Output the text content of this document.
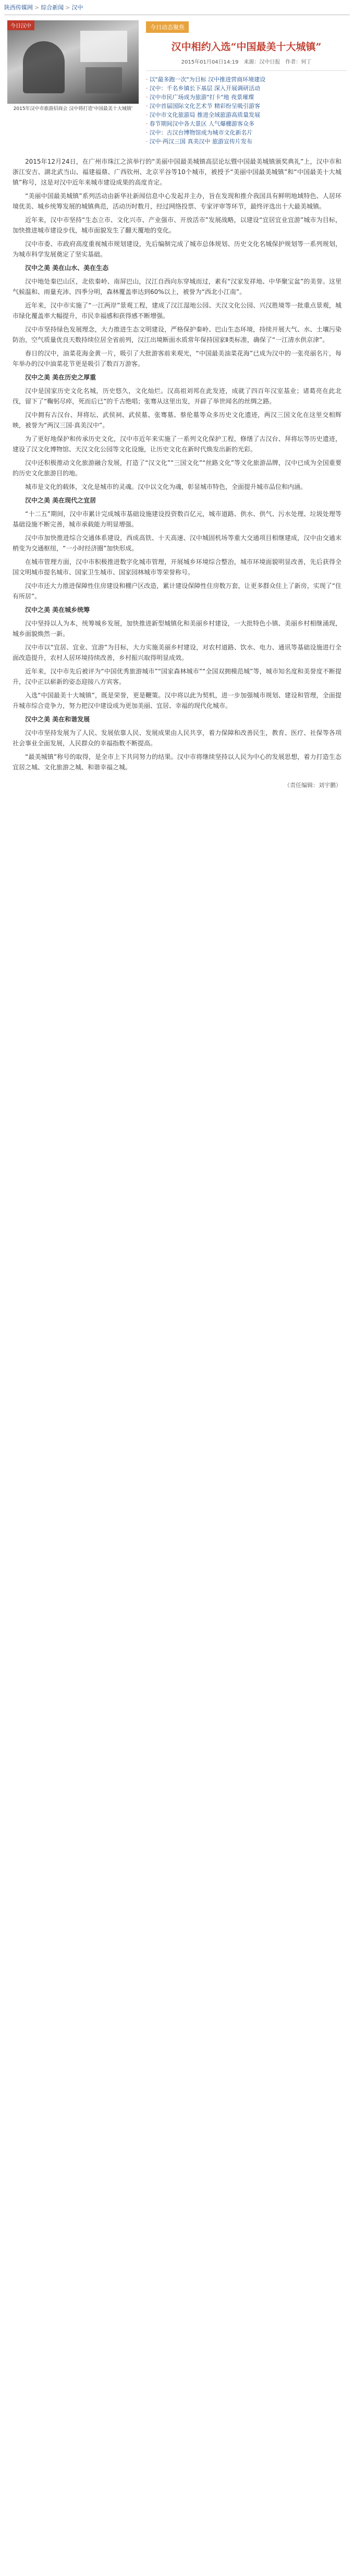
陕西传媒网 > 综合新闻 > 汉中
今日汉中
2015年汉中市旅游招商会 汉中将打造'中国最美十大城镇'
今日动态聚焦
汉中相约入选“中国最美十大城镇”
2015年01月04日14:19　来源：汉中日报　作者：何丁
· 以"最多跑一次"为目标 汉中推进营商环境建设
· 汉中：千名乡镇长下基层 深入开展调研活动
· 汉中市民广场成为旅游"打卡"地 夜景璀璨
· 汉中首届国际文化艺术节 精彩纷呈吸引游客
· 汉中市文化旅游局 推进全域旅游高质量发展
· 春节期间汉中各大景区 人气爆棚游客众多
· 汉中：古汉台博物馆成为城市文化新名片
· 汉中·两汉三国 真美汉中 旅游宣传片发布

2015年12月24日，在广州市珠江之滨举行的“美丽中国最美城镇高层论坛暨中国最美城镇颁奖典礼”上，汉中市和浙江安吉、湖北武当山、福建福鼎、广西钦州、北京平谷等10个城市，被授予“美丽中国最美城镇”和“中国最美十大城镇”称号，这是对汉中近年来城市建设成果的高度肯定。

“美丽中国最美城镇”系列活动由新华社新闻信息中心发起并主办，旨在发现和推介我国具有鲜明地域特色、人居环境优美、城乡统筹发展的城镇典范，活动历时数月，经过网络投票、专家评审等环节，最终评选出十大最美城镇。

近年来，汉中市坚持“生态立市、文化兴市、产业强市、开放活市”发展战略，以建设“宜居宜业宜游”城市为目标，加快推进城市建设步伐，城市面貌发生了翻天覆地的变化。

汉中市委、市政府高度重视城市规划建设，先后编制完成了城市总体规划、历史文化名城保护规划等一系列规划，为城市科学发展奠定了坚实基础。

汉中之美 美在山水、美在生态

汉中地处秦巴山区，北依秦岭、南屏巴山，汉江自西向东穿城而过，素有“汉家发祥地、中华聚宝盆”的美誉。这里气候温和、雨量充沛、四季分明，森林覆盖率达到60%以上，被誉为“西北小江南”。

近年来，汉中市实施了“一江两岸”景观工程，建成了汉江湿地公园、天汉文化公园、兴汉胜境等一批重点景观，城市绿化覆盖率大幅提升，市民幸福感和获得感不断增强。

汉中市坚持绿色发展理念，大力推进生态文明建设，严格保护秦岭、巴山生态环境，持续开展大气、水、土壤污染防治，空气质量优良天数持续位居全省前列，汉江出境断面水质常年保持国家Ⅱ类标准，确保了“一江清水供京津”。

春日的汉中，油菜花海金黄一片，吸引了大批游客前来观光，“中国最美油菜花海”已成为汉中的一张亮丽名片，每年举办的汉中油菜花节更是吸引了数百万游客。

汉中之美 美在历史之厚重

汉中是国家历史文化名城，历史悠久，文化灿烂。汉高祖刘邦在此发迹，成就了四百年汉室基业；诸葛亮在此北伐，留下了“鞠躬尽瘁，死而后已”的千古绝唱；张骞从这里出发，开辟了举世闻名的丝绸之路。

汉中拥有古汉台、拜将坛、武侯祠、武侯墓、张骞墓、蔡伦墓等众多历史文化遗迹，两汉三国文化在这里交相辉映，被誉为“两汉三国·真美汉中”。

为了更好地保护和传承历史文化，汉中市近年来实施了一系列文化保护工程，修缮了古汉台、拜将坛等历史遗迹，建设了汉文化博物馆、天汉文化公园等文化设施，让历史文化在新时代焕发出新的光彩。

汉中还积极推动文化旅游融合发展，打造了“汉文化”“三国文化”“丝路文化”等文化旅游品牌，汉中已成为全国重要的历史文化旅游目的地。

城市是文化的载体，文化是城市的灵魂。汉中以文化为魂，彰显城市特色，全面提升城市品位和内涵。

汉中之美 美在现代之宜居

“十二五”期间，汉中市累计完成城市基础设施建设投资数百亿元，城市道路、供水、供气、污水处理、垃圾处理等基础设施不断完善，城市承载能力明显增强。

汉中市加快推进综合交通体系建设，西成高铁、十天高速、汉中城固机场等重大交通项目相继建成，汉中由交通末梢变为交通枢纽，“一小时经济圈”加快形成。

在城市管理方面，汉中市积极推进数字化城市管理，开展城乡环境综合整治，城市环境面貌明显改善，先后获得全国文明城市提名城市、国家卫生城市、国家园林城市等荣誉称号。

汉中市还大力推进保障性住房建设和棚户区改造，累计建设保障性住房数万套，让更多群众住上了新房，实现了“住有所居”。

汉中之美 美在城乡统筹

汉中坚持以人为本，统筹城乡发展，加快推进新型城镇化和美丽乡村建设，一大批特色小镇、美丽乡村相继涌现，城乡面貌焕然一新。

汉中市以“宜居、宜业、宜游”为目标，大力实施美丽乡村建设，对农村道路、饮水、电力、通讯等基础设施进行全面改造提升，农村人居环境持续改善，乡村振兴取得明显成效。

近年来，汉中市先后被评为“中国优秀旅游城市”“国家森林城市”“全国双拥模范城”等，城市知名度和美誉度不断提升，汉中正以崭新的姿态迎接八方宾客。

入选“中国最美十大城镇”，既是荣誉，更是鞭策。汉中将以此为契机，进一步加强城市规划、建设和管理，全面提升城市综合竞争力，努力把汉中建设成为更加美丽、宜居、幸福的现代化城市。

汉中之美 美在和谐发展

汉中市坚持发展为了人民、发展依靠人民、发展成果由人民共享，着力保障和改善民生，教育、医疗、社保等各项社会事业全面发展，人民群众的幸福指数不断提高。

“最美城镇”称号的取得，是全市上下共同努力的结果。汉中市将继续坚持以人民为中心的发展思想，着力打造生态宜居之城、文化旅游之城、和谐幸福之城。

（责任编辑：刘宇鹏）
